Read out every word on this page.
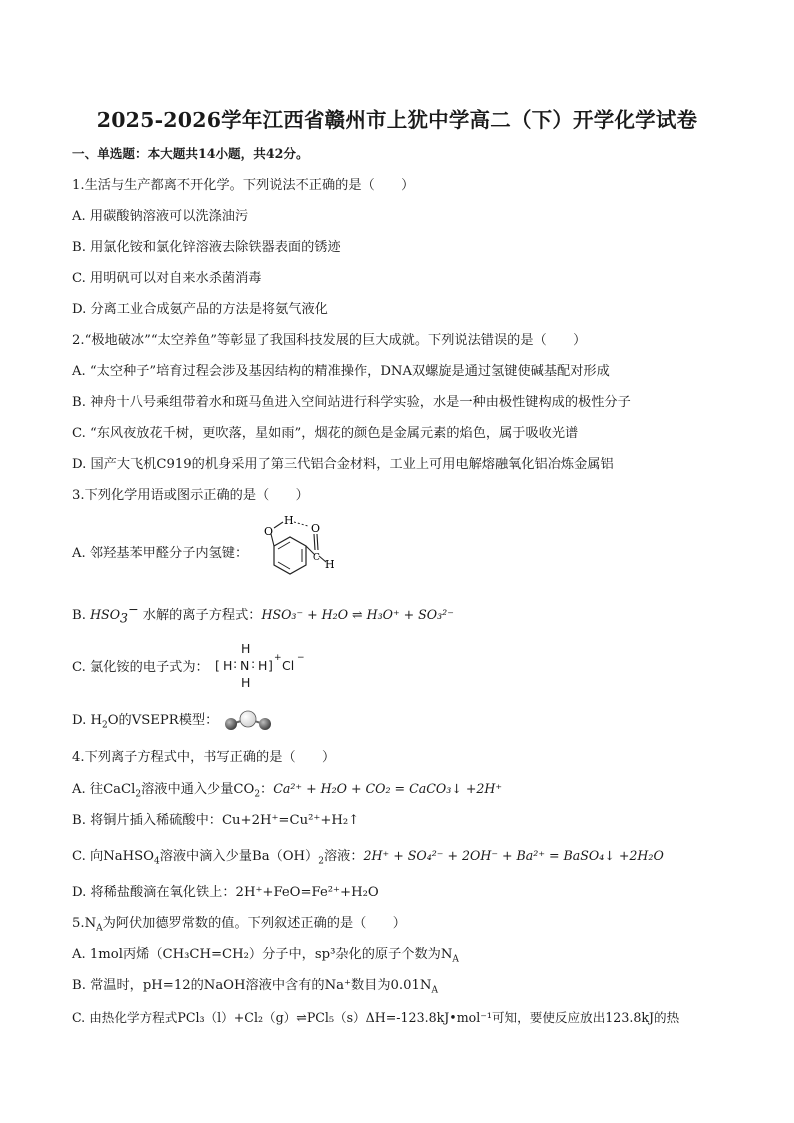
2025-2026学年江西省赣州市上犹中学高二（下）开学化学试卷
一、单选题：本大题共14小题，共42分。
1.生活与生产都离不开化学。下列说法不正确的是（　　）
A. 用碳酸钠溶液可以洗涤油污
B. 用氯化铵和氯化锌溶液去除铁器表面的锈迹
C. 用明矾可以对自来水杀菌消毒
D. 分离工业合成氨产品的方法是将氨气液化
2.“极地破冰”“太空养鱼”等彰显了我国科技发展的巨大成就。下列说法错误的是（　　）
A. “太空种子”培育过程会涉及基因结构的精准操作，DNA双螺旋是通过氢键使碱基配对形成
B. 神舟十八号乘组带着水和斑马鱼进入空间站进行科学实验，水是一种由极性键构成的极性分子
C. “东风夜放花千树，更吹落，星如雨”，烟花的颜色是金属元素的焰色，属于吸收光谱
D. 国产大飞机C919的机身采用了第三代铝合金材料，工业上可用电解熔融氧化铝冶炼金属铝
3.下列化学用语或图示正确的是（　　）
A. 邻羟基苯甲醛分子内氢键：
O
H
O
C H
B. $HSO_3^-$ 水解的离子方程式：HSO₃⁻ + H₂O ⇌ H₃O⁺ + SO₃²⁻
C. 氯化铵的电子式为：
H
[ H : N : H ] + Cl −
H
D. $H_2O$的VSEPR模型：
4.下列离子方程式中，书写正确的是（　　）
A. 往CaCl$_2$溶液中通入少量$CO_2$：Ca²⁺ + H₂O + CO₂ = CaCO₃↓ +2H⁺
B. 将铜片插入稀硫酸中：Cu+2H⁺=Cu²⁺+H₂↑
C. 向NaHSO$_4$溶液中滴入少量$Ba(OH)_2$溶液：2H⁺ + SO₄²⁻ + 2OH⁻ + Ba²⁺ = BaSO₄↓ +2H₂O
D. 将稀盐酸滴在氧化铁上：2H⁺+FeO=Fe²⁺+H₂O
$5.N_A$为阿伏加德罗常数的值。下列叙述正确的是（　　）
A. 1mol丙烯（CH₃CH=CH₂）分子中，sp³杂化的原子个数为$N_A$
B. 常温时，pH=12的NaOH溶液中含有的Na⁺数目为$0.01N_A$
C. 由热化学方程式PCl₃（l）+Cl₂（g）⇌PCl₅（s）ΔH=-123.8kJ•mol⁻¹可知，要使反应放出123.8kJ的热
